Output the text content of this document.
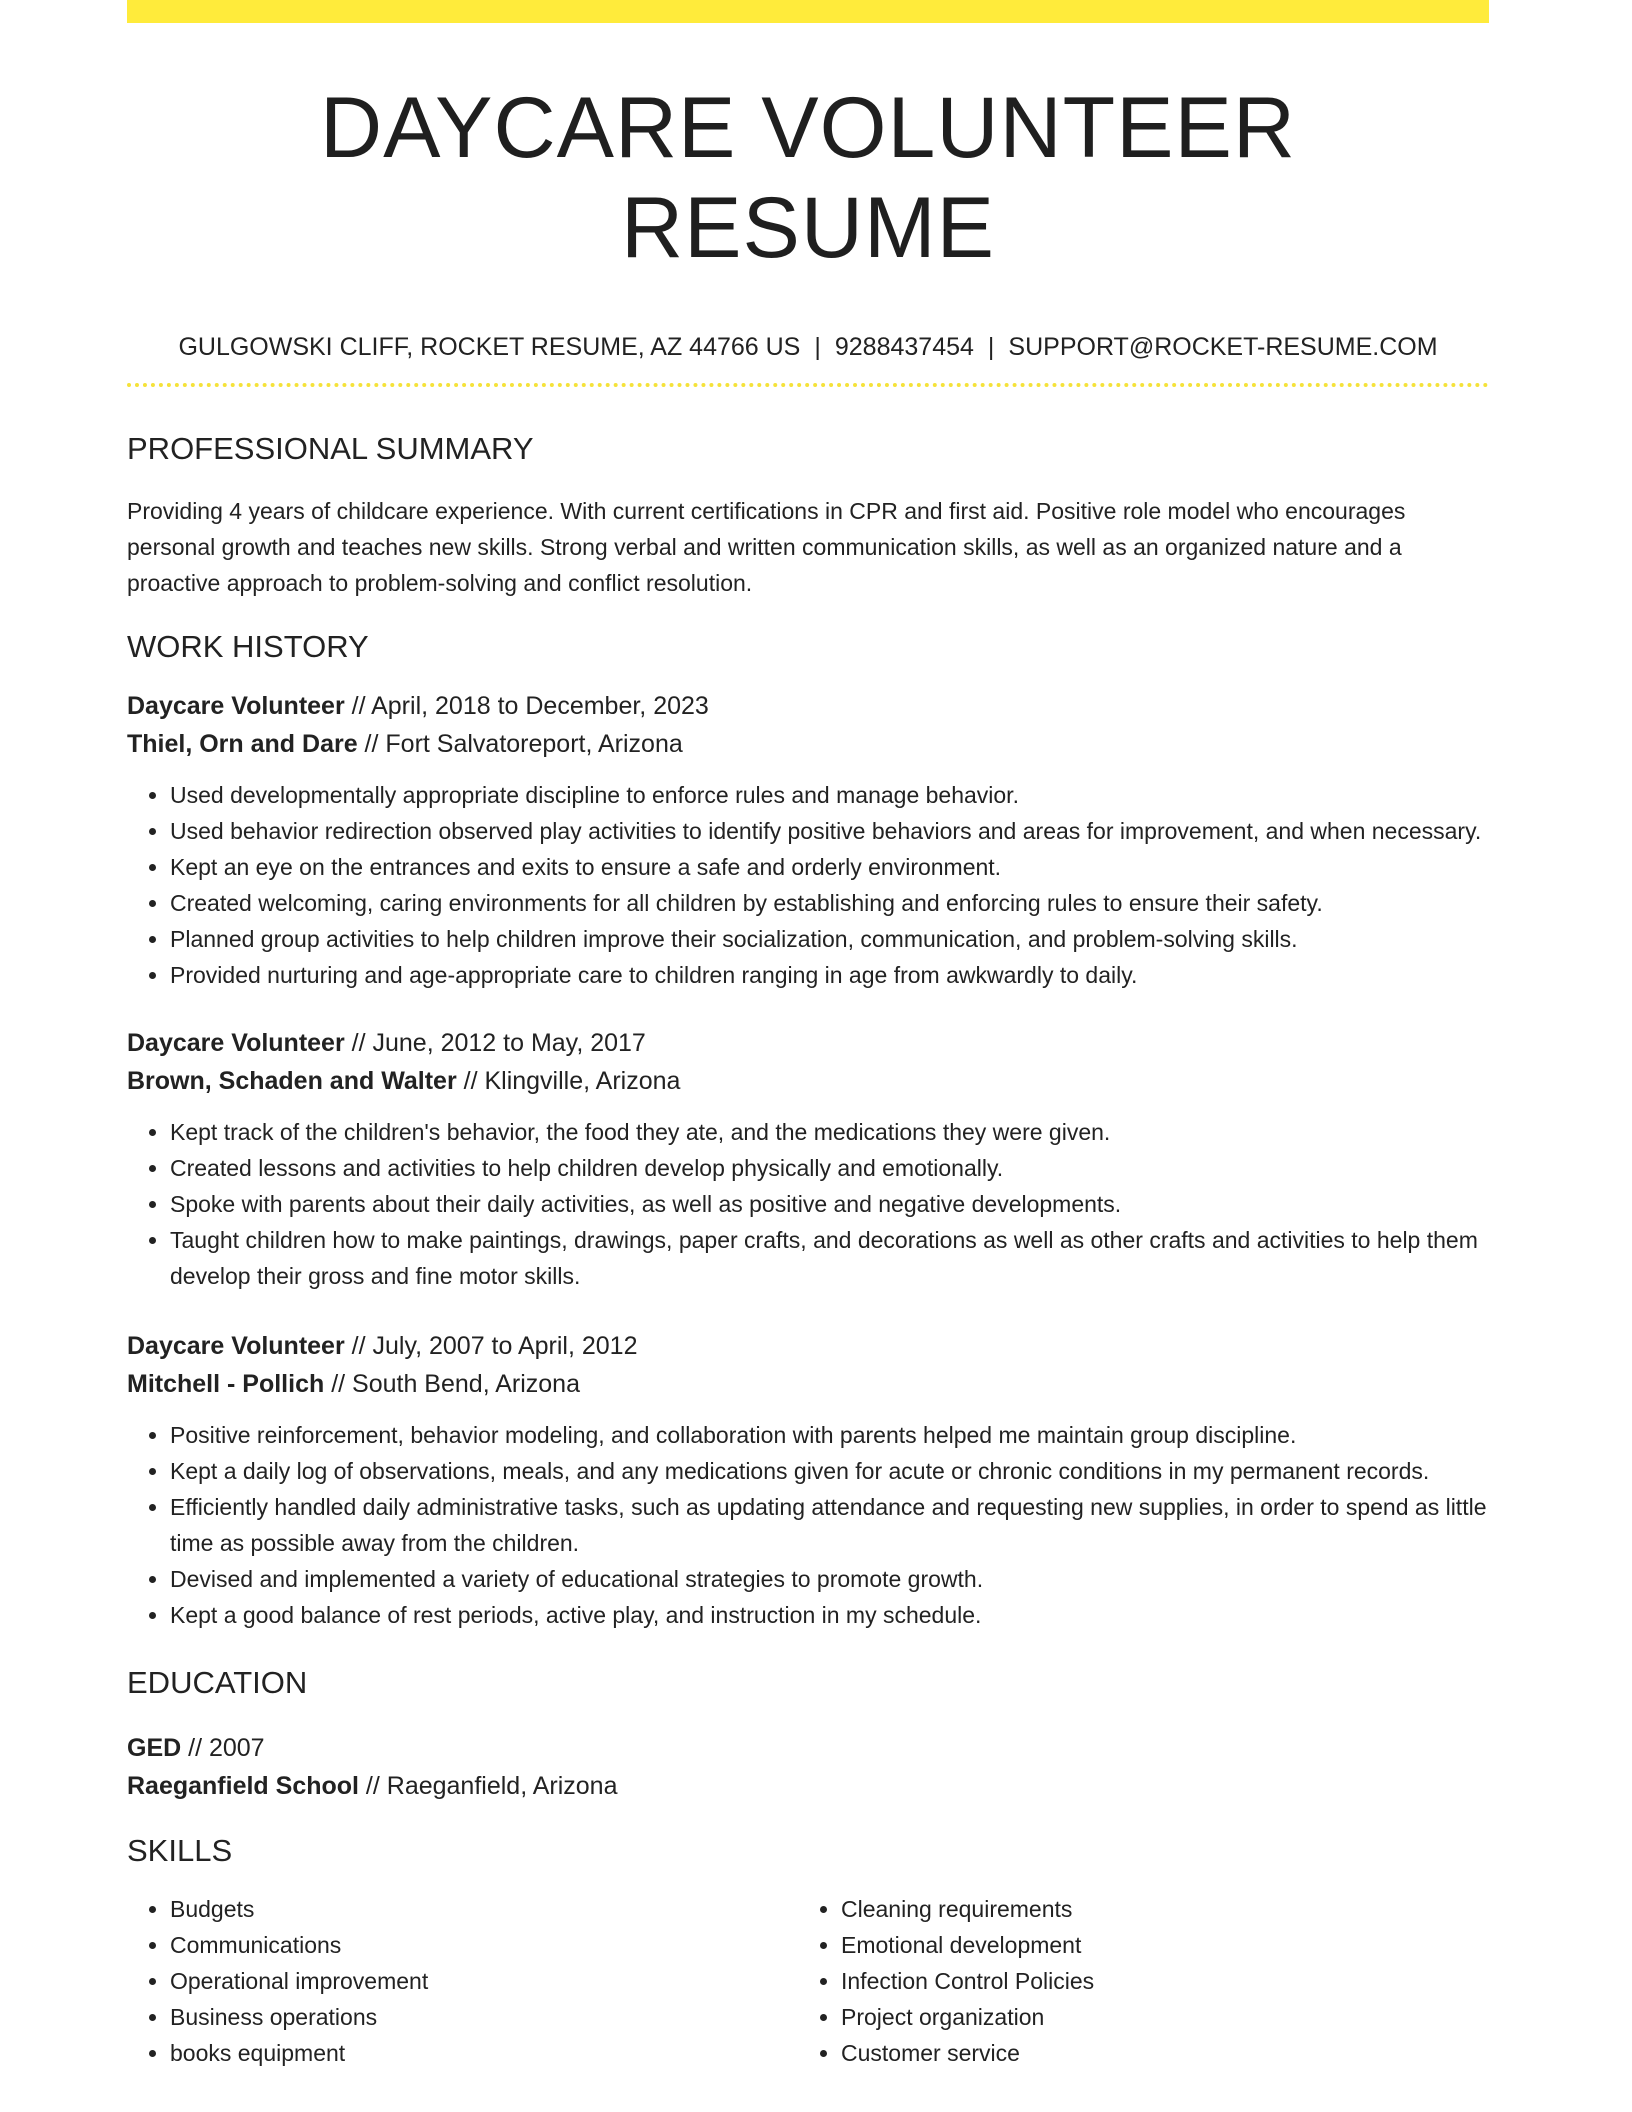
DAYCARE VOLUNTEER RESUME
GULGOWSKI CLIFF, ROCKET RESUME, AZ 44766 US | 9288437454 | SUPPORT@ROCKET-RESUME.COM
PROFESSIONAL SUMMARY

Providing 4 years of childcare experience. With current certifications in CPR and first aid. Positive role model who encourages personal growth and teaches new skills. Strong verbal and written communication skills, as well as an organized nature and a proactive approach to problem-solving and conflict resolution.

WORK HISTORY
Daycare Volunteer // April, 2018 to December, 2023
Thiel, Orn and Dare // Fort Salvatoreport, Arizona
• Used developmentally appropriate discipline to enforce rules and manage behavior.
• Used behavior redirection observed play activities to identify positive behaviors and areas for improvement, and when necessary.
• Kept an eye on the entrances and exits to ensure a safe and orderly environment.
• Created welcoming, caring environments for all children by establishing and enforcing rules to ensure their safety.
• Planned group activities to help children improve their socialization, communication, and problem-solving skills.
• Provided nurturing and age-appropriate care to children ranging in age from awkwardly to daily.
Daycare Volunteer // June, 2012 to May, 2017
Brown, Schaden and Walter // Klingville, Arizona
• Kept track of the children's behavior, the food they ate, and the medications they were given.
• Created lessons and activities to help children develop physically and emotionally.
• Spoke with parents about their daily activities, as well as positive and negative developments.
• Taught children how to make paintings, drawings, paper crafts, and decorations as well as other crafts and activities to help them develop their gross and fine motor skills.
Daycare Volunteer // July, 2007 to April, 2012
Mitchell - Pollich // South Bend, Arizona
• Positive reinforcement, behavior modeling, and collaboration with parents helped me maintain group discipline.
• Kept a daily log of observations, meals, and any medications given for acute or chronic conditions in my permanent records.
• Efficiently handled daily administrative tasks, such as updating attendance and requesting new supplies, in order to spend as little time as possible away from the children.
• Devised and implemented a variety of educational strategies to promote growth.
• Kept a good balance of rest periods, active play, and instruction in my schedule.
EDUCATION
GED // 2007
Raeganfield School // Raeganfield, Arizona
SKILLS
• Budgets
• Communications
• Operational improvement
• Business operations
• books equipment
• Cleaning requirements
• Emotional development
• Infection Control Policies
• Project organization
• Customer service
